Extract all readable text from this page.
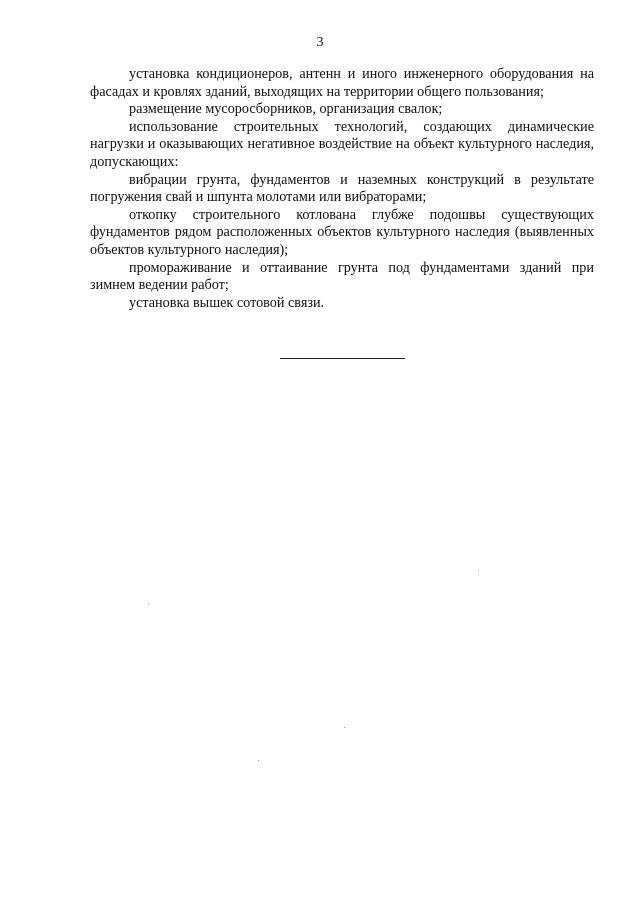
3

установка кондиционеров, антенн и иного инженерного оборудования на фасадах и кровлях зданий, выходящих на территории общего пользования;

размещение мусоросборников, организация свалок;

использование строительных технологий, создающих динамические нагрузки и оказывающих негативное воздействие на объект культурного наследия, допускающих:

вибрации грунта, фундаментов и наземных конструкций в результате погружения свай и шпунта молотами или вибраторами;

откопку строительного котлована глубже подошвы существующих фундаментов рядом расположенных объектов культурного наследия (выявленных объектов культурного наследия);

промораживание и оттаивание грунта под фундаментами зданий при зимнем ведении работ;

установка вышек сотовой связи.
